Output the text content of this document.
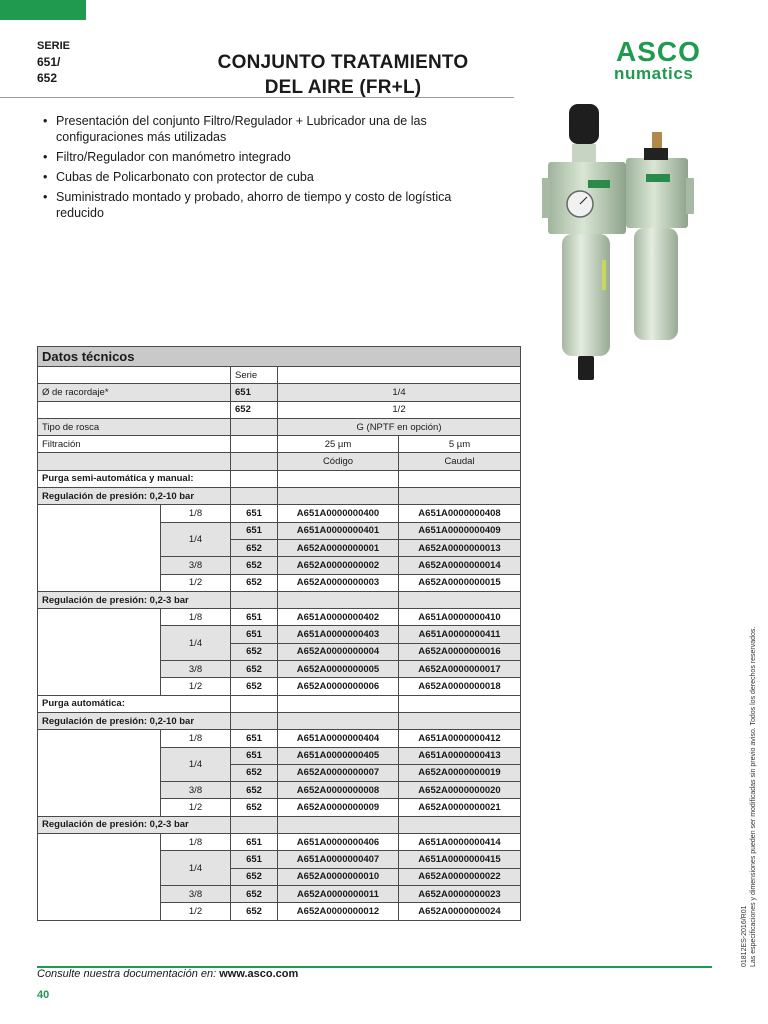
SERIE
651/
652
CONJUNTO TRATAMIENTO
DEL AIRE (FR+L)
ASCO
numatics
• Presentación del conjunto Filtro/Regulador + Lubricador una de las configuraciones más utilizadas
• Filtro/Regulador con manómetro integrado
• Cubas de Policarbonato con protector de cuba
• Suministrado montado y probado, ahorro de tiempo y costo de logística reducido
Datos técnicos				
		Serie		
Ø de racordaje*		651	1/4	
		652	1/2	
Tipo de rosca			G (NPTF en opción)	
Filtración			25 µm	5 µm
			Código	Caudal
Purga semi-automática y manual:				
Regulación de presión: 0,2-10 bar				
	1/8	651	A651A0000000400	A651A0000000408
	1/4	651	A651A0000000401	A651A0000000409
		652	A652A0000000001	A652A0000000013
	3/8	652	A652A0000000002	A652A0000000014
	1/2	652	A652A0000000003	A652A0000000015
Regulación de presión: 0,2-3 bar				
	1/8	651	A651A0000000402	A651A0000000410
	1/4	651	A651A0000000403	A651A0000000411
		652	A652A0000000004	A652A0000000016
	3/8	652	A652A0000000005	A652A0000000017
	1/2	652	A652A0000000006	A652A0000000018
Purga automática:				
Regulación de presión: 0,2-10 bar				
	1/8	651	A651A0000000404	A651A0000000412
	1/4	651	A651A0000000405	A651A0000000413
		652	A652A0000000007	A652A0000000019
	3/8	652	A652A0000000008	A652A0000000020
	1/2	652	A652A0000000009	A652A0000000021
Regulación de presión: 0,2-3 bar				
	1/8	651	A651A0000000406	A651A0000000414
	1/4	651	A651A0000000407	A651A0000000415
		652	A652A0000000010	A652A0000000022
	3/8	652	A652A0000000011	A652A0000000023
	1/2	652	A652A0000000012	A652A0000000024	01812ES-2016/R01 Las especificaciones y dimensiones pueden ser modificadas sin previo aviso. Todos los derechos reservados.
Consulte nuestra documentación en: www.asco.com
40
